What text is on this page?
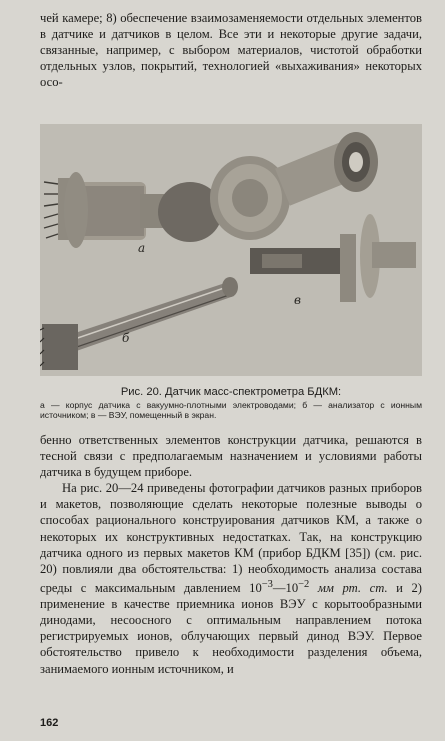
чей камере; 8) обеспечение взаимозаменяемости отдельных элементов в датчике и датчиков в целом. Все эти и некоторые другие задачи, связанные, например, с выбором материалов, чистотой обработки отдельных узлов, покрытий, технологией «выхаживания» некоторых осо-

а
б
в
Рис. 20. Датчик масс-спектрометра БДКМ:
а — корпус датчика с вакуумно-плотными электроводами; б — анализатор с ионным источником; в — ВЭУ, помещенный в экран.

бенно ответственных элементов конструкции датчика, решаются в тесной связи с предполагаемым назначением и условиями работы датчика в будущем приборе.

На рис. 20—24 приведены фотографии датчиков разных приборов и макетов, позволяющие сделать некоторые полезные выводы о способах рационального конструирования датчиков КМ, а также о некоторых их конструктивных недостатках. Так, на конструкцию датчика одного из первых макетов КМ (прибор БДКМ [35]) (см. рис. 20) повлияли два обстоятельства: 1) необходимость анализа состава среды с максимальным давлением $10^{-3}—10^{-2}$ мм рт. ст. и 2) применение в качестве приемника ионов ВЭУ с корытообразными динодами, несоосного с оптимальным направлением потока регистрируемых ионов, облучающих первый динод ВЭУ. Первое обстоятельство привело к необходимости разделения объема, занимаемого ионным источником, и

162
